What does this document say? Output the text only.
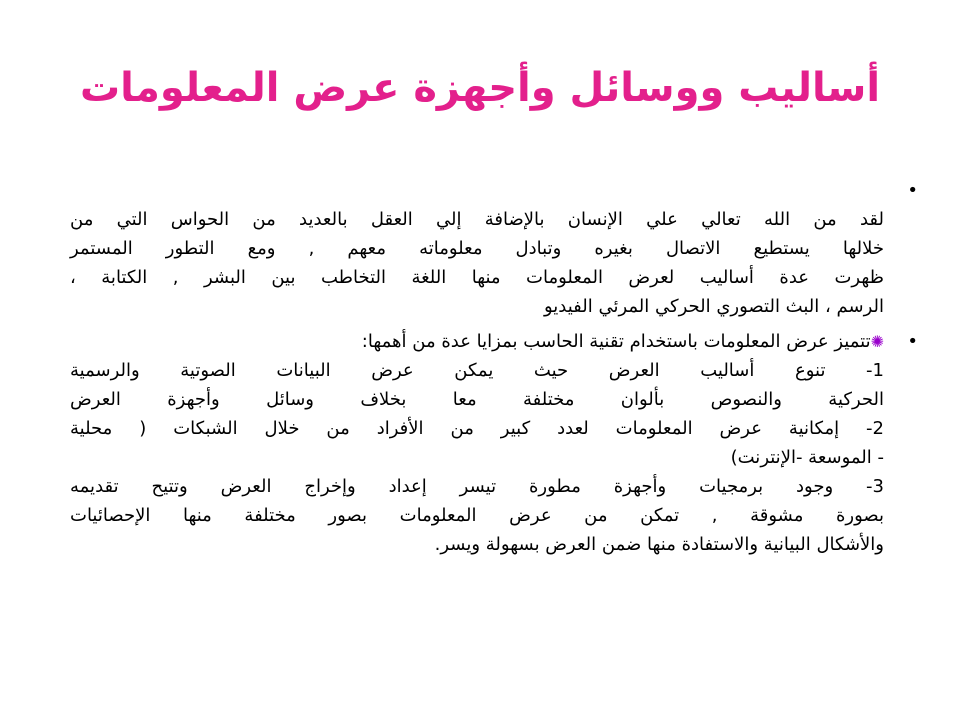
أساليب ووسائل وأجهزة عرض المعلومات
•

لقد من الله تعالي علي الإنسان بالإضافة إلي العقل بالعديد من الحواس التي من
خلالها يستطيع الاتصال بغيره وتبادل معلوماته معهم , ومع التطور المستمر
ظهرت عدة أساليب لعرض المعلومات منها اللغة التخاطب بين البشر , الكتابة ،
الرسم ، البث التصوري الحركي المرئي الفيديو
•
✺تتميز عرض المعلومات باستخدام تقنية الحاسب بمزايا عدة من أهمها:
1- تنوع أساليب العرض حيث يمكن عرض البيانات الصوتية والرسمية
الحركية والنصوص بألوان مختلفة معا بخلاف وسائل وأجهزة العرض
2- إمكانية عرض المعلومات لعدد كبير من الأفراد من خلال الشبكات ( محلية
- الموسعة -الإنترنت)
3- وجود برمجيات وأجهزة مطورة تيسر إعداد وإخراج العرض وتتيح تقديمه
بصورة مشوقة , تمكن من عرض المعلومات بصور مختلفة منها الإحصائيات
والأشكال البيانية والاستفادة منها ضمن العرض بسهولة ويسر.
